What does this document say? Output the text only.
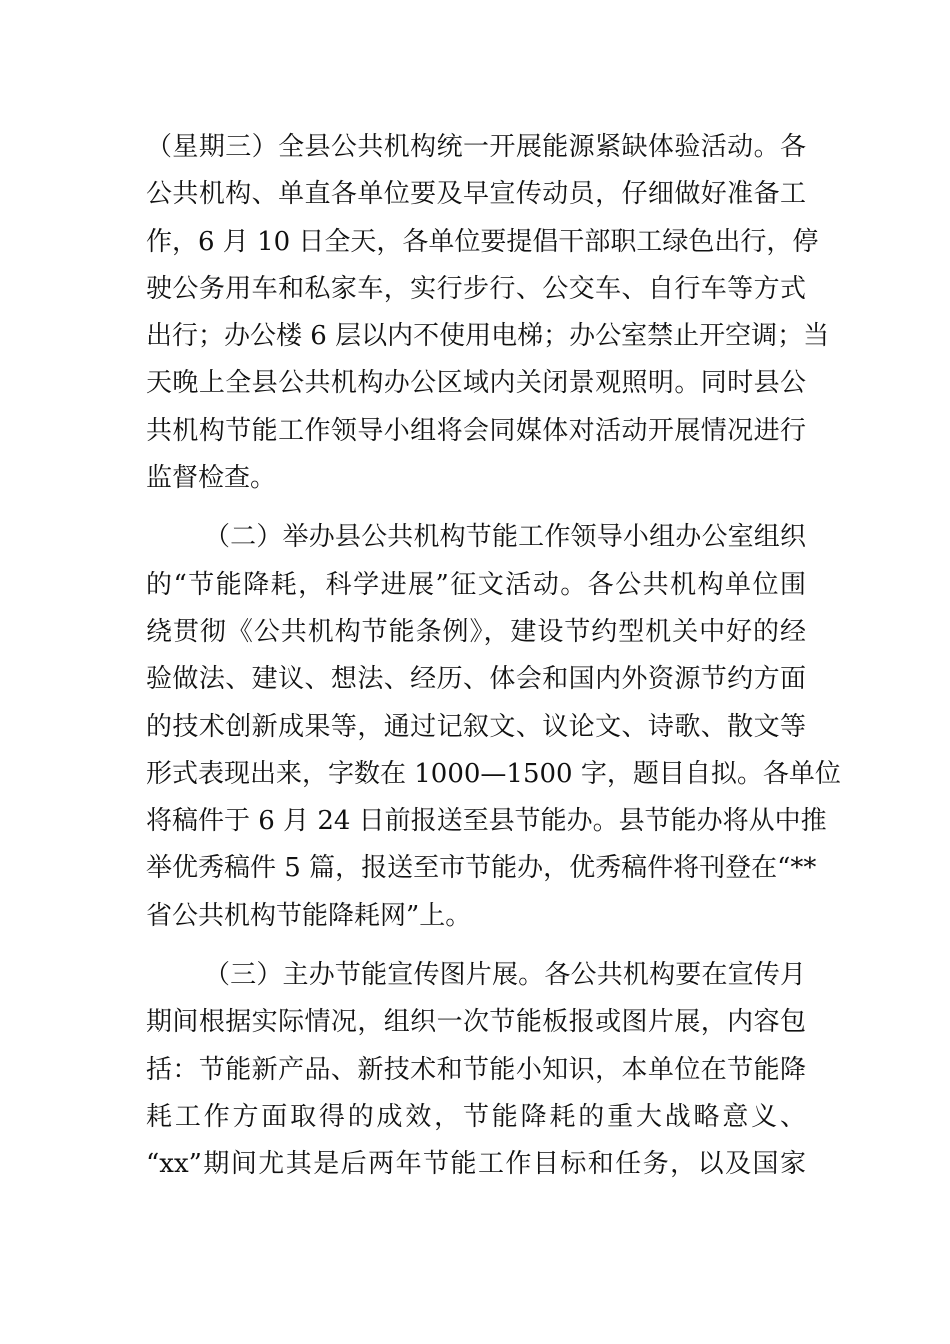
（星期三）全县公共机构统一开展能源紧缺体验活动。各
公共机构、单直各单位要及早宣传动员，仔细做好准备工
作，6 月 10 日全天，各单位要提倡干部职工绿色出行，停
驶公务用车和私家车，实行步行、公交车、自行车等方式
出行；办公楼 6 层以内不使用电梯；办公室禁止开空调；当
天晚上全县公共机构办公区域内关闭景观照明。同时县公
共机构节能工作领导小组将会同媒体对活动开展情况进行
监督检查。
（二）举办县公共机构节能工作领导小组办公室组织
的“节能降耗，科学进展”征文活动。各公共机构单位围
绕贯彻《公共机构节能条例》，建设节约型机关中好的经
验做法、建议、想法、经历、体会和国内外资源节约方面
的技术创新成果等，通过记叙文、议论文、诗歌、散文等
形式表现出来，字数在 1000—1500 字，题目自拟。各单位
将稿件于 6 月 24 日前报送至县节能办。县节能办将从中推
举优秀稿件 5 篇，报送至市节能办，优秀稿件将刊登在“**
省公共机构节能降耗网”上。
（三）主办节能宣传图片展。各公共机构要在宣传月
期间根据实际情况，组织一次节能板报或图片展，内容包
括：节能新产品、新技术和节能小知识，本单位在节能降
耗工作方面取得的成效，节能降耗的重大战略意义、
“xx”期间尤其是后两年节能工作目标和任务，以及国家
